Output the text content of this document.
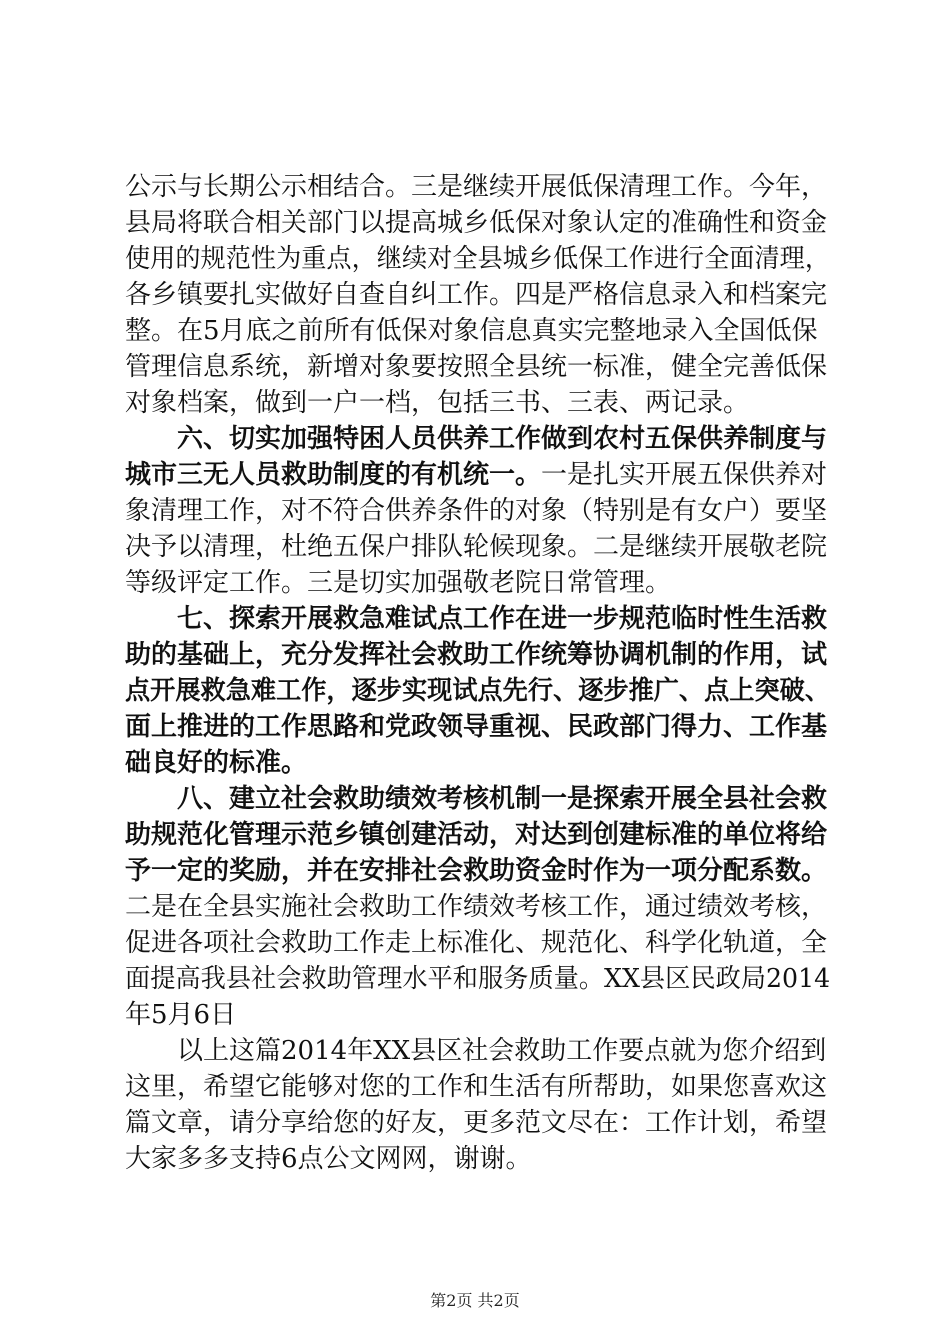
公示与长期公示相结合。三是继续开展低保清理工作。今年，
县局将联合相关部门以提高城乡低保对象认定的准确性和资金
使用的规范性为重点，继续对全县城乡低保工作进行全面清理，
各乡镇要扎实做好自查自纠工作。四是严格信息录入和档案完
整。在5月底之前所有低保对象信息真实完整地录入全国低保
管理信息系统，新增对象要按照全县统一标准，健全完善低保
对象档案，做到一户一档，包括三书、三表、两记录。
六、切实加强特困人员供养工作做到农村五保供养制度与
城市三无人员救助制度的有机统一。一是扎实开展五保供养对
象清理工作，对不符合供养条件的对象（特别是有女户）要坚
决予以清理，杜绝五保户排队轮候现象。二是继续开展敬老院
等级评定工作。三是切实加强敬老院日常管理。
七、探索开展救急难试点工作在进一步规范临时性生活救
助的基础上，充分发挥社会救助工作统筹协调机制的作用，试
点开展救急难工作，逐步实现试点先行、逐步推广、点上突破、
面上推进的工作思路和党政领导重视、民政部门得力、工作基
础良好的标准。
八、建立社会救助绩效考核机制一是探索开展全县社会救
助规范化管理示范乡镇创建活动，对达到创建标准的单位将给
予一定的奖励，并在安排社会救助资金时作为一项分配系数。
二是在全县实施社会救助工作绩效考核工作，通过绩效考核，
促进各项社会救助工作走上标准化、规范化、科学化轨道，全
面提高我县社会救助管理水平和服务质量。XX县区民政局2014
年5月6日
以上这篇2014年XX县区社会救助工作要点就为您介绍到
这里，希望它能够对您的工作和生活有所帮助，如果您喜欢这
篇文章，请分享给您的好友，更多范文尽在：工作计划，希望
大家多多支持6点公文网网，谢谢。
第2页 共2页
